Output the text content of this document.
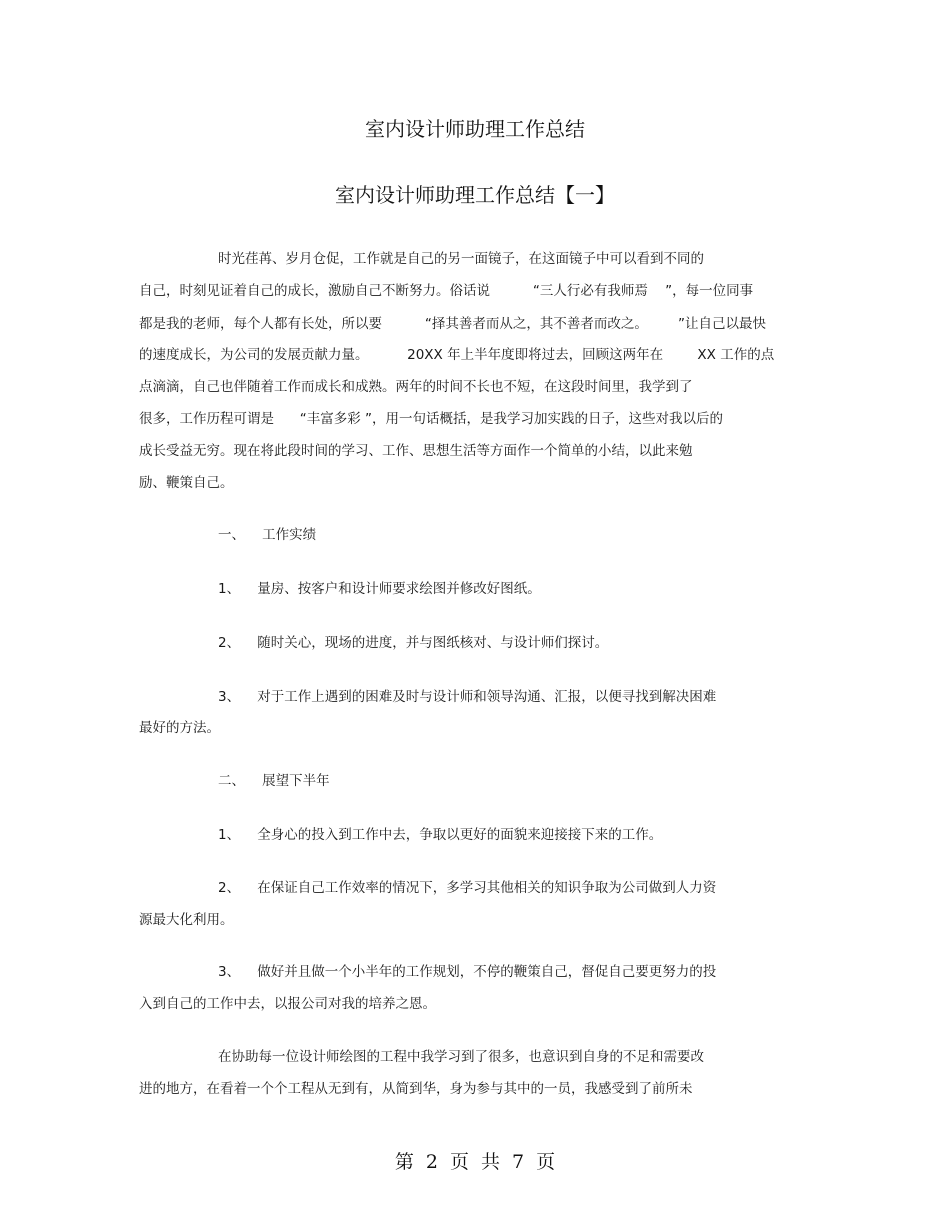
室内设计师助理工作总结
室内设计师助理工作总结【一】
时光荏苒、岁月仓促，工作就是自己的另一面镜子，在这面镜子中可以看到不同的
自己，时刻见证着自己的成长，激励自己不断努力。俗话说          “三人行必有我师焉    ”，每一位同事
都是我的老师，每个人都有长处，所以要          “择其善者而从之，其不善者而改之。       ”让自己以最快
的速度成长，为公司的发展贡献力量。         20XX 年上半年度即将过去，回顾这两年在        XX 工作的点
点滴滴，自己也伴随着工作而成长和成熟。两年的时间不长也不短，在这段时间里，我学到了
很多，工作历程可谓是      “丰富多彩 ”，用一句话概括，是我学习加实践的日子，这些对我以后的
成长受益无穷。现在将此段时间的学习、工作、思想生活等方面作一个简单的小结，以此来勉
励、鞭策自己。
一、    工作实绩
1、    量房、按客户和设计师要求绘图并修改好图纸。
2、    随时关心，现场的进度，并与图纸核对、与设计师们探讨。
3、    对于工作上遇到的困难及时与设计师和领导沟通、汇报，以便寻找到解决困难
最好的方法。
二、    展望下半年
1、    全身心的投入到工作中去，争取以更好的面貌来迎接接下来的工作。
2、    在保证自己工作效率的情况下，多学习其他相关的知识争取为公司做到人力资
源最大化利用。
3、    做好并且做一个小半年的工作规划，不停的鞭策自己，督促自己要更努力的投
入到自己的工作中去，以报公司对我的培养之恩。
在协助每一位设计师绘图的工程中我学习到了很多，也意识到自身的不足和需要改
进的地方，在看着一个个工程从无到有，从简到华，身为参与其中的一员，我感受到了前所未
第 2 页 共 7 页
